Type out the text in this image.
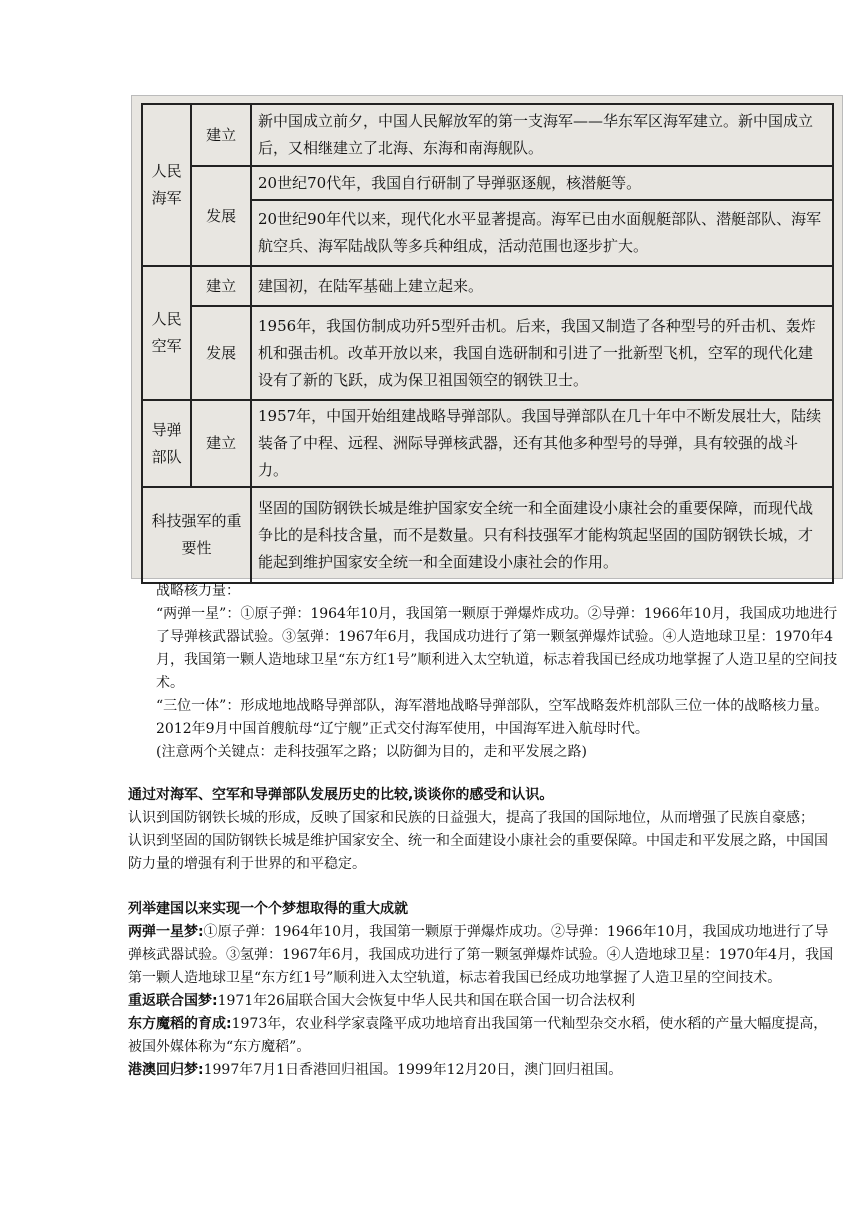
人民海军	建立	新中国成立前夕，中国人民解放军的第一支海军——华东军区海军建立。新中国成立后，又相继建立了北海、东海和南海舰队。
	发展	20世纪70代年，我国自行研制了导弹驱逐舰，核潜艇等。
		20世纪90年代以来，现代化水平显著提高。海军已由水面舰艇部队、潜艇部队、海军航空兵、海军陆战队等多兵种组成，活动范围也逐步扩大。
人民空军	建立	建国初，在陆军基础上建立起来。
	发展	1956年，我国仿制成功歼5型歼击机。后来，我国又制造了各种型号的歼击机、轰炸机和强击机。改革开放以来，我国自选研制和引进了一批新型飞机，空军的现代化建设有了新的飞跃，成为保卫祖国领空的钢铁卫士。
导弹部队	建立	1957年，中国开始组建战略导弹部队。我国导弹部队在几十年中不断发展壮大，陆续装备了中程、远程、洲际导弹核武器，还有其他多种型号的导弹，具有较强的战斗力。
科技强军的重要性		坚固的国防钢铁长城是维护国家安全统一和全面建设小康社会的重要保障，而现代战争比的是科技含量，而不是数量。只有科技强军才能构筑起坚固的国防钢铁长城，才能起到维护国家安全统一和全面建设小康社会的作用。

战略核力量：

“两弹一星”：①原子弹：1964年10月，我国第一颗原于弹爆炸成功。②导弹：1966年10月，我国成功地进行了导弹核武器试验。③氢弹：1967年6月，我国成功进行了第一颗氢弹爆炸试验。④人造地球卫星：1970年4月，我国第一颗人造地球卫星“东方红1号”顺利进入太空轨道，标志着我国已经成功地掌握了人造卫星的空间技术。

“三位一体”：形成地地战略导弹部队，海军潜地战略导弹部队，空军战略轰炸机部队三位一体的战略核力量。2012年9月中国首艘航母“辽宁舰”正式交付海军使用，中国海军进入航母时代。

(注意两个关键点：走科技强军之路；以防御为目的，走和平发展之路)

通过对海军、空军和导弹部队发展历史的比较,谈谈你的感受和认识。

认识到国防钢铁长城的形成，反映了国家和民族的日益强大，提高了我国的国际地位，从而增强了民族自豪感；

认识到坚固的国防钢铁长城是维护国家安全、统一和全面建设小康社会的重要保障。中国走和平发展之路，中国国防力量的增强有利于世界的和平稳定。

列举建国以来实现一个个梦想取得的重大成就

两弹一星梦:①原子弹：1964年10月，我国第一颗原于弹爆炸成功。②导弹：1966年10月，我国成功地进行了导弹核武器试验。③氢弹：1967年6月，我国成功进行了第一颗氢弹爆炸试验。④人造地球卫星：1970年4月，我国第一颗人造地球卫星“东方红1号”顺利进入太空轨道，标志着我国已经成功地掌握了人造卫星的空间技术。

重返联合国梦:1971年26届联合国大会恢复中华人民共和国在联合国一切合法权利

东方魔稻的育成:1973年，农业科学家袁隆平成功地培育出我国第一代籼型杂交水稻，使水稻的产量大幅度提高，被国外媒体称为“东方魔稻”。

港澳回归梦:1997年7月1日香港回归祖国。1999年12月20日，澳门回归祖国。
